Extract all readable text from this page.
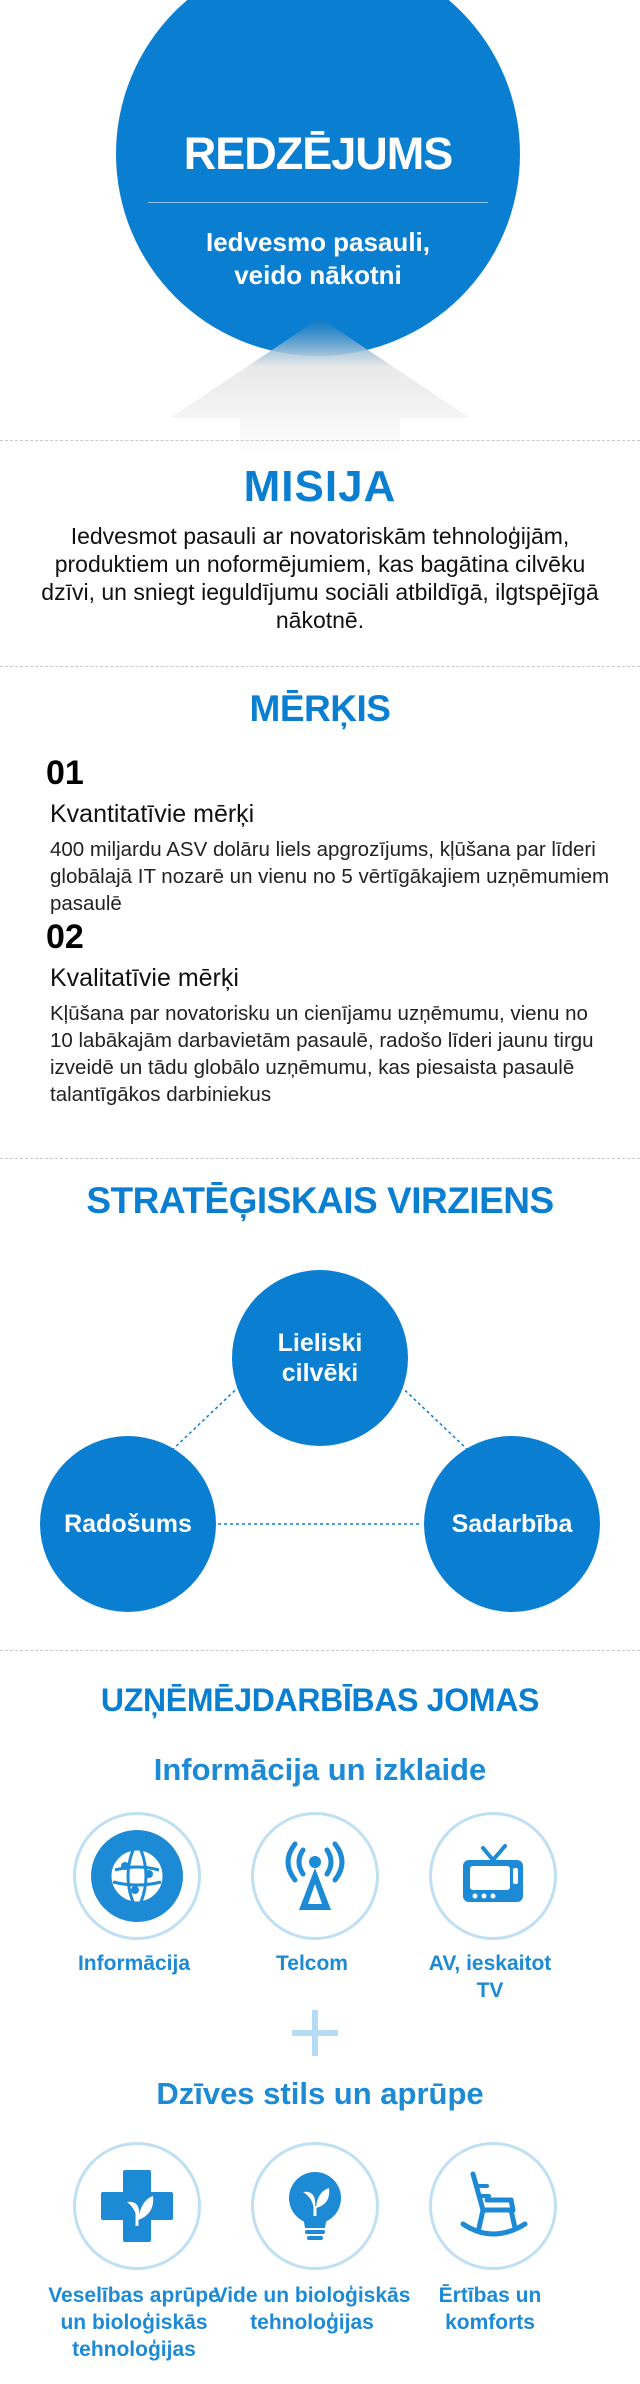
REDZĒJUMS
Iedvesmo pasauli,
veido nākotni
MISIJA
Iedvesmot pasauli ar novatoriskām tehnoloģijām, produktiem un noformējumiem, kas bagātina cilvēku dzīvi, un sniegt ieguldījumu sociāli atbildīgā, ilgtspējīgā nākotnē.
MĒRĶIS
01
Kvantitatīvie mērķi
400 miljardu ASV dolāru liels apgrozījums, kļūšana par līderi globālajā IT nozarē un vienu no 5 vērtīgākajiem uzņēmumiem pasaulē
02
Kvalitatīvie mērķi
Kļūšana par novatorisku un cienījamu uzņēmumu, vienu no 10 labākajām darbavietām pasaulē, radošo līderi jaunu tirgu izveidē un tādu globālo uzņēmumu, kas piesaista pasaulē talantīgākos darbiniekus
STRATĒĢISKAIS VIRZIENS
Lieliski
cilvēki
Radošums	Sadarbība
UZŅĒMĒJDARBĪBAS JOMAS
Informācija un izklaide
Informācija	Telcom	AV, ieskaitot
TV
Dzīves stils un aprūpe
Veselības aprūpe
un bioloģiskās
tehnoloģijas
Vide un bioloģiskās
tehnoloģijas
Ērtības un
komforts
